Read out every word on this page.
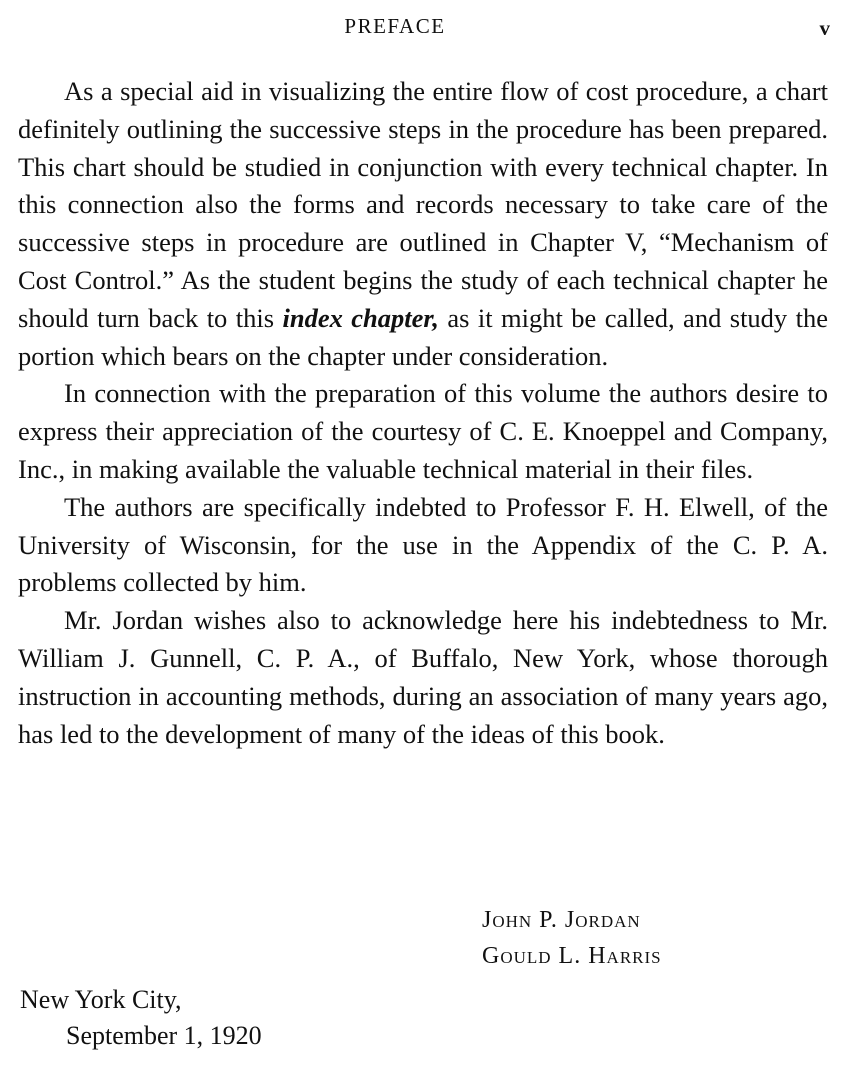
PREFACE	v

As a special aid in visualizing the entire flow of cost procedure, a chart definitely outlining the successive steps in the procedure has been prepared. This chart should be studied in conjunction with every technical chapter. In this connection also the forms and records necessary to take care of the successive steps in procedure are outlined in Chapter V, “Mechanism of Cost Control.” As the student begins the study of each technical chapter he should turn back to this index chapter, as it might be called, and study the portion which bears on the chapter under consideration.

In connection with the preparation of this volume the authors desire to express their appreciation of the courtesy of C. E. Knoeppel and Company, Inc., in making available the valuable technical material in their files.

The authors are specifically indebted to Professor F. H. Elwell, of the University of Wisconsin, for the use in the Appendix of the C. P. A. problems collected by him.

Mr. Jordan wishes also to acknowledge here his indebtedness to Mr. William J. Gunnell, C. P. A., of Buffalo, New York, whose thorough instruction in accounting methods, during an association of many years ago, has led to the development of many of the ideas of this book.

John P. Jordan
Gould L. Harris
New York City,
September 1, 1920
